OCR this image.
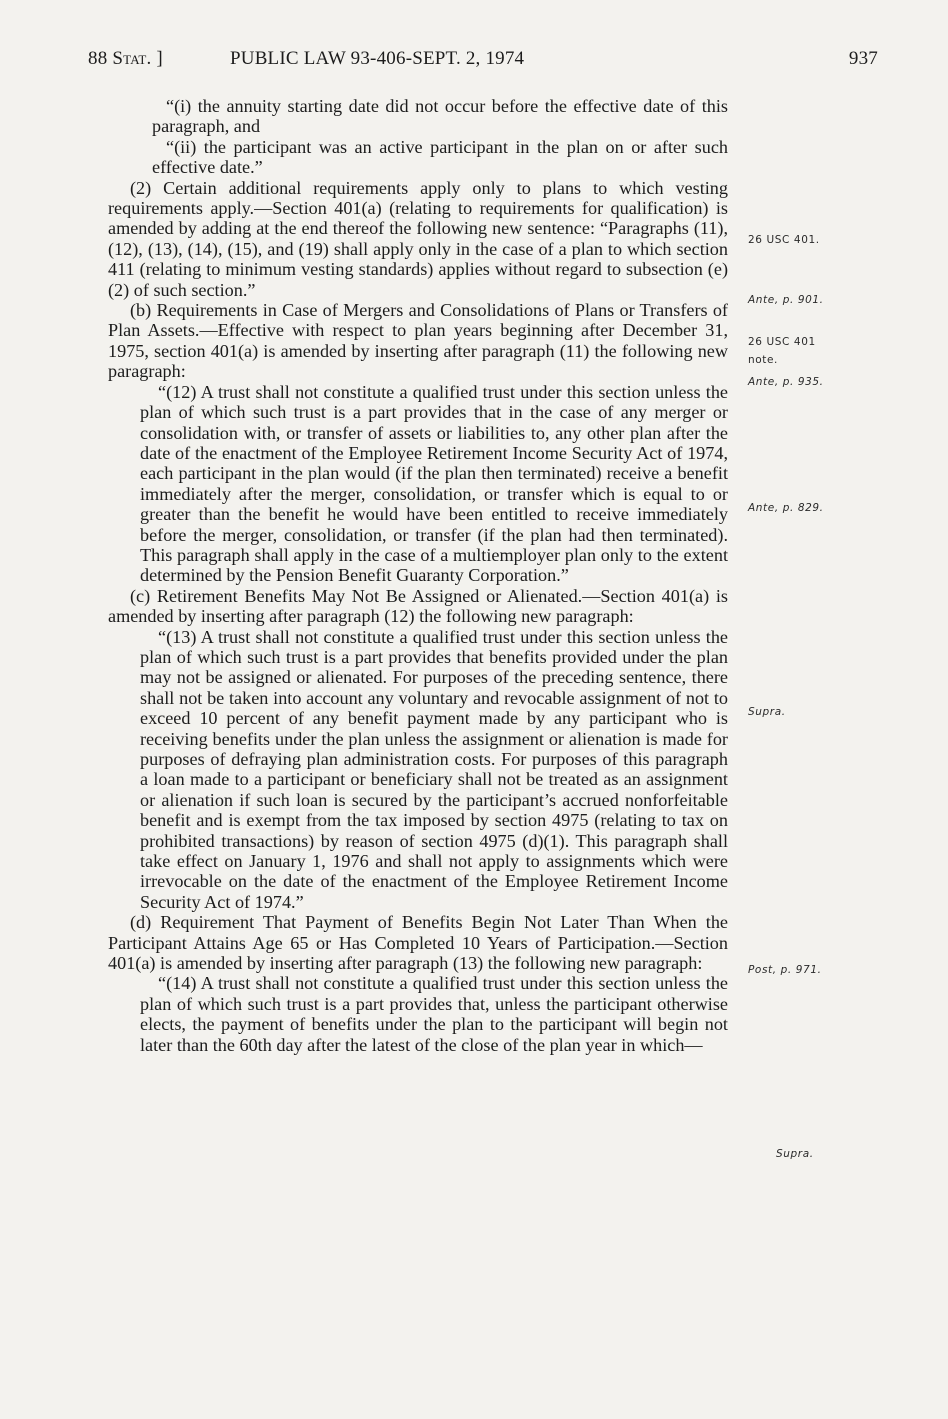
88 Stat. ]	PUBLIC LAW 93-406-SEPT. 2, 1974	937

“(i) the annuity starting date did not occur before the effective date of this paragraph, and

“(ii) the participant was an active participant in the plan on or after such effective date.”

(2) Certain additional requirements apply only to plans to which vesting requirements apply.—Section 401(a) (relating to requirements for qualification) is amended by adding at the end thereof the following new sentence: “Paragraphs (11), (12), (13), (14), (15), and (19) shall apply only in the case of a plan to which section 411 (relating to minimum vesting standards) applies without regard to subsection (e)(2) of such section.”

(b) Requirements in Case of Mergers and Consolidations of Plans or Transfers of Plan Assets.—Effective with respect to plan years beginning after December 31, 1975, section 401(a) is amended by inserting after paragraph (11) the following new paragraph:

“(12) A trust shall not constitute a qualified trust under this section unless the plan of which such trust is a part provides that in the case of any merger or consolidation with, or transfer of assets or liabilities to, any other plan after the date of the enactment of the Employee Retirement Income Security Act of 1974, each participant in the plan would (if the plan then terminated) receive a benefit immediately after the merger, consolidation, or transfer which is equal to or greater than the benefit he would have been entitled to receive immediately before the merger, consolidation, or transfer (if the plan had then terminated). This paragraph shall apply in the case of a multiemployer plan only to the extent determined by the Pension Benefit Guaranty Corporation.”

(c) Retirement Benefits May Not Be Assigned or Alienated.—Section 401(a) is amended by inserting after paragraph (12) the following new paragraph:

“(13) A trust shall not constitute a qualified trust under this section unless the plan of which such trust is a part provides that benefits provided under the plan may not be assigned or alienated. For purposes of the preceding sentence, there shall not be taken into account any voluntary and revocable assignment of not to exceed 10 percent of any benefit payment made by any participant who is receiving benefits under the plan unless the assignment or alienation is made for purposes of defraying plan administration costs. For purposes of this paragraph a loan made to a participant or beneficiary shall not be treated as an assignment or alienation if such loan is secured by the participant’s accrued nonforfeitable benefit and is exempt from the tax imposed by section 4975 (relating to tax on prohibited transactions) by reason of section 4975 (d)(1). This paragraph shall take effect on January 1, 1976 and shall not apply to assignments which were irrevocable on the date of the enactment of the Employee Retirement Income Security Act of 1974.”

(d) Requirement That Payment of Benefits Begin Not Later Than When the Participant Attains Age 65 or Has Completed 10 Years of Participation.—Section 401(a) is amended by inserting after paragraph (13) the following new paragraph:

“(14) A trust shall not constitute a qualified trust under this section unless the plan of which such trust is a part provides that, unless the participant otherwise elects, the payment of benefits under the plan to the participant will begin not later than the 60th day after the latest of the close of the plan year in which—

26 USC 401.
Ante, p. 901.
26 USC 401
note.
Ante, p. 935.
Ante, p. 829.
Supra.
Post, p. 971.
Supra.
